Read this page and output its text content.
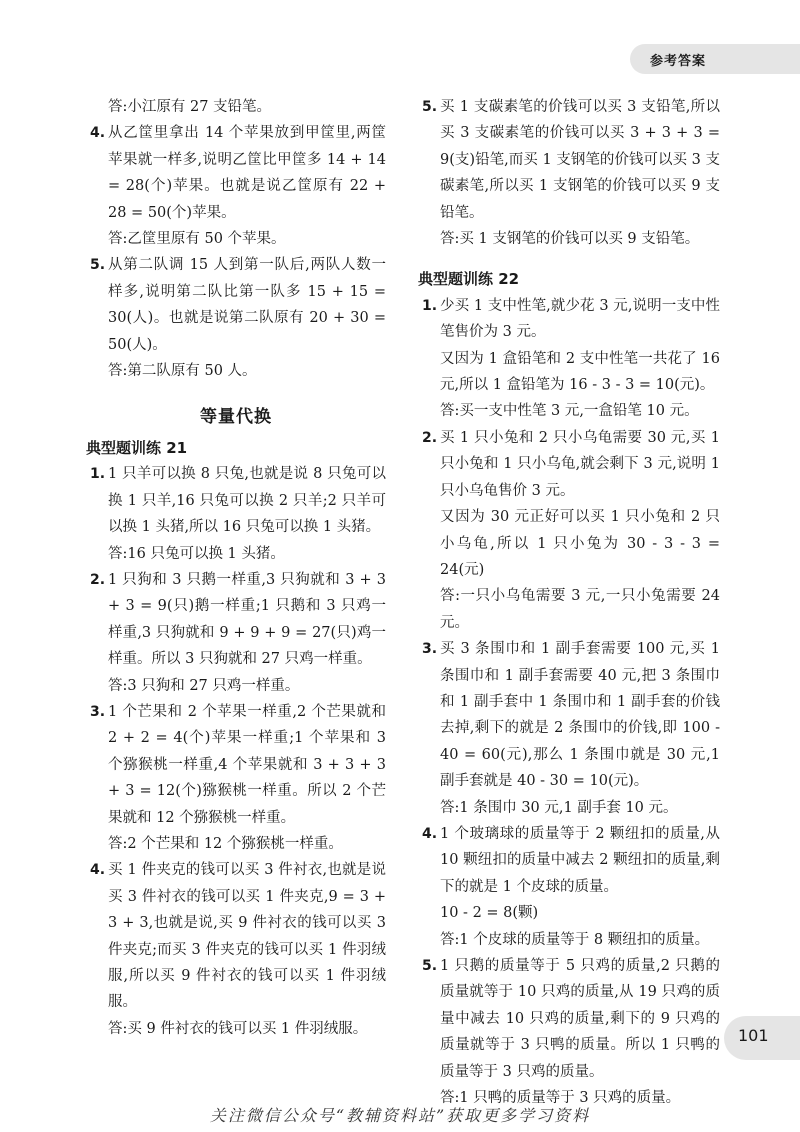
参考答案

答:小江原有 27 支铅笔。

4. 从乙筐里拿出 14 个苹果放到甲筐里,两筐苹果就一样多,说明乙筐比甲筐多 14 + 14 = 28(个)苹果。也就是说乙筐原有 22 + 28 = 50(个)苹果。

答:乙筐里原有 50 个苹果。

5. 从第二队调 15 人到第一队后,两队人数一样多,说明第二队比第一队多 15 + 15 = 30(人)。也就是说第二队原有 20 + 30 = 50(人)。

答:第二队原有 50 人。

等量代换

典型题训练 21

1. 1 只羊可以换 8 只兔,也就是说 8 只兔可以换 1 只羊,16 只兔可以换 2 只羊;2 只羊可以换 1 头猪,所以 16 只兔可以换 1 头猪。

答:16 只兔可以换 1 头猪。

2. 1 只狗和 3 只鹅一样重,3 只狗就和 3 + 3 + 3 = 9(只)鹅一样重;1 只鹅和 3 只鸡一样重,3 只狗就和 9 + 9 + 9 = 27(只)鸡一样重。所以 3 只狗就和 27 只鸡一样重。

答:3 只狗和 27 只鸡一样重。

3. 1 个芒果和 2 个苹果一样重,2 个芒果就和 2 + 2 = 4(个)苹果一样重;1 个苹果和 3 个猕猴桃一样重,4 个苹果就和 3 + 3 + 3 + 3 = 12(个)猕猴桃一样重。所以 2 个芒果就和 12 个猕猴桃一样重。

答:2 个芒果和 12 个猕猴桃一样重。

4. 买 1 件夹克的钱可以买 3 件衬衣,也就是说买 3 件衬衣的钱可以买 1 件夹克,9 = 3 + 3 + 3,也就是说,买 9 件衬衣的钱可以买 3 件夹克;而买 3 件夹克的钱可以买 1 件羽绒服,所以买 9 件衬衣的钱可以买 1 件羽绒服。

答:买 9 件衬衣的钱可以买 1 件羽绒服。

5. 买 1 支碳素笔的价钱可以买 3 支铅笔,所以买 3 支碳素笔的价钱可以买 3 + 3 + 3 = 9(支)铅笔,而买 1 支钢笔的价钱可以买 3 支碳素笔,所以买 1 支钢笔的价钱可以买 9 支铅笔。

答:买 1 支钢笔的价钱可以买 9 支铅笔。

典型题训练 22

1. 少买 1 支中性笔,就少花 3 元,说明一支中性笔售价为 3 元。

又因为 1 盒铅笔和 2 支中性笔一共花了 16 元,所以 1 盒铅笔为 16 - 3 - 3 = 10(元)。

答:买一支中性笔 3 元,一盒铅笔 10 元。

2. 买 1 只小兔和 2 只小乌龟需要 30 元,买 1 只小兔和 1 只小乌龟,就会剩下 3 元,说明 1 只小乌龟售价 3 元。

又因为 30 元正好可以买 1 只小兔和 2 只小乌龟,所以 1 只小兔为 30 - 3 - 3 = 24(元)

答:一只小乌龟需要 3 元,一只小兔需要 24 元。

3. 买 3 条围巾和 1 副手套需要 100 元,买 1 条围巾和 1 副手套需要 40 元,把 3 条围巾和 1 副手套中 1 条围巾和 1 副手套的价钱去掉,剩下的就是 2 条围巾的价钱,即 100 - 40 = 60(元),那么 1 条围巾就是 30 元,1 副手套就是 40 - 30 = 10(元)。

答:1 条围巾 30 元,1 副手套 10 元。

4. 1 个玻璃球的质量等于 2 颗纽扣的质量,从 10 颗纽扣的质量中减去 2 颗纽扣的质量,剩下的就是 1 个皮球的质量。

10 - 2 = 8(颗)

答:1 个皮球的质量等于 8 颗纽扣的质量。

5. 1 只鹅的质量等于 5 只鸡的质量,2 只鹅的质量就等于 10 只鸡的质量,从 19 只鸡的质量中减去 10 只鸡的质量,剩下的 9 只鸡的质量就等于 3 只鸭的质量。所以 1 只鸭的质量等于 3 只鸡的质量。

答:1 只鸭的质量等于 3 只鸡的质量。

101
关注微信公众号“教辅资料站”获取更多学习资料
